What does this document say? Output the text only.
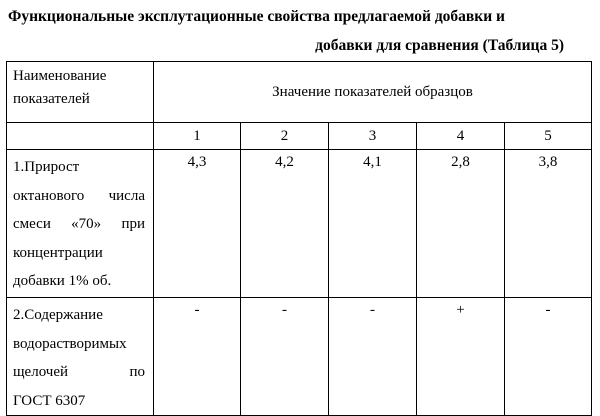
Функциональные эксплутационные свойства предлагаемой добавки и
добавки для сравнения (Таблица 5)
Наименование
показателей	Значение показателей образцов				
	1	2	3	4	5

1.Прирост
октанового числа
смеси «70» при
концентрации
добавки 1% об.	4,3	4,2	4,1	2,8	3,8

2.Содержание
водорастворимых
щелочей по
ГОСТ 6307	-	-	-	+	-
